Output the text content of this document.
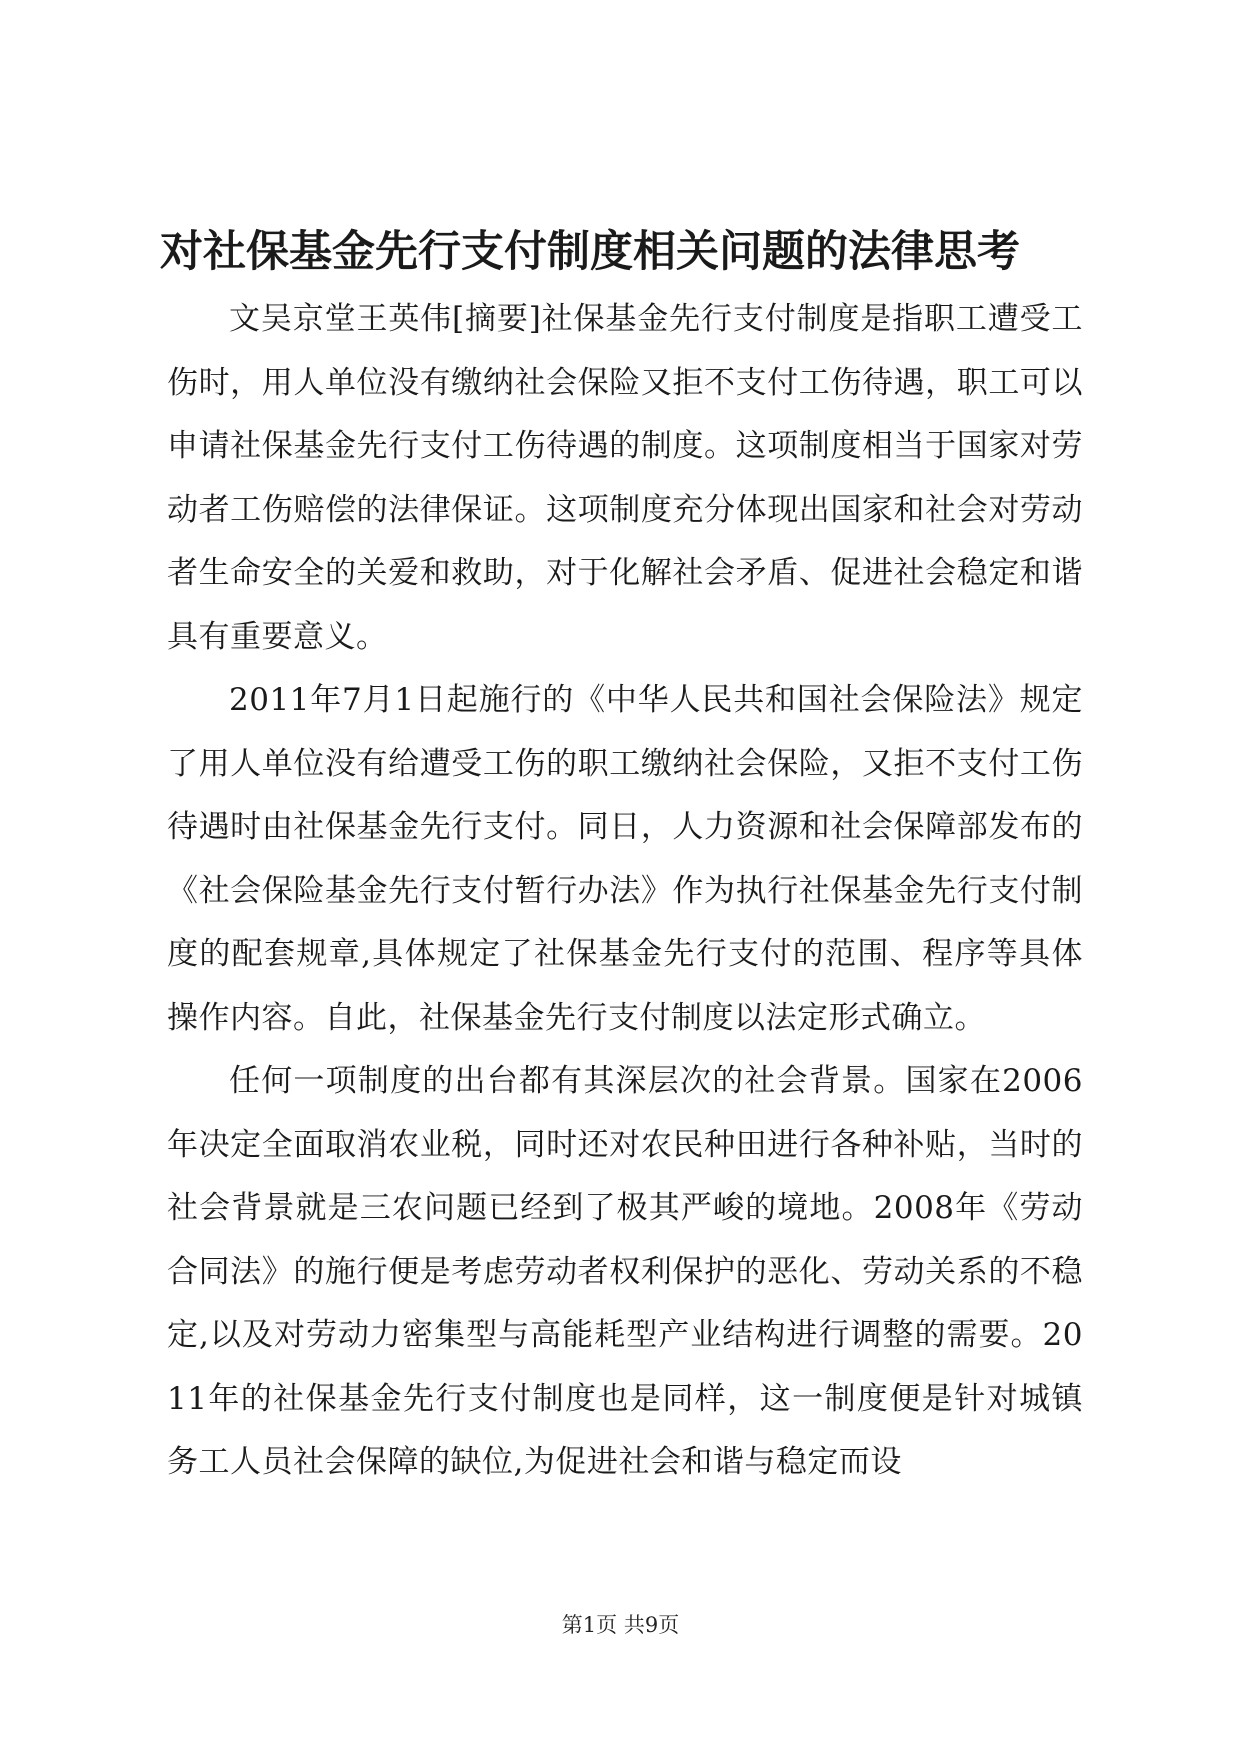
对社保基金先行支付制度相关问题的法律思考

文吴京堂王英伟[摘要]社保基金先行支付制度是指职工遭受工伤时，用人单位没有缴纳社会保险又拒不支付工伤待遇，职工可以申请社保基金先行支付工伤待遇的制度。这项制度相当于国家对劳动者工伤赔偿的法律保证。这项制度充分体现出国家和社会对劳动者生命安全的关爱和救助，对于化解社会矛盾、促进社会稳定和谐具有重要意义。

2011年7月1日起施行的《中华人民共和国社会保险法》规定了用人单位没有给遭受工伤的职工缴纳社会保险，又拒不支付工伤待遇时由社保基金先行支付。同日，人力资源和社会保障部发布的《社会保险基金先行支付暂行办法》作为执行社保基金先行支付制度的配套规章,具体规定了社保基金先行支付的范围、程序等具体操作内容。自此，社保基金先行支付制度以法定形式确立。

任何一项制度的出台都有其深层次的社会背景。国家在2006年决定全面取消农业税，同时还对农民种田进行各种补贴，当时的社会背景就是三农问题已经到了极其严峻的境地。2008年《劳动合同法》的施行便是考虑劳动者权利保护的恶化、劳动关系的不稳定,以及对劳动力密集型与高能耗型产业结构进行调整的需要。2011年的社保基金先行支付制度也是同样，这一制度便是针对城镇务工人员社会保障的缺位,为促进社会和谐与稳定而设

第1页 共9页
